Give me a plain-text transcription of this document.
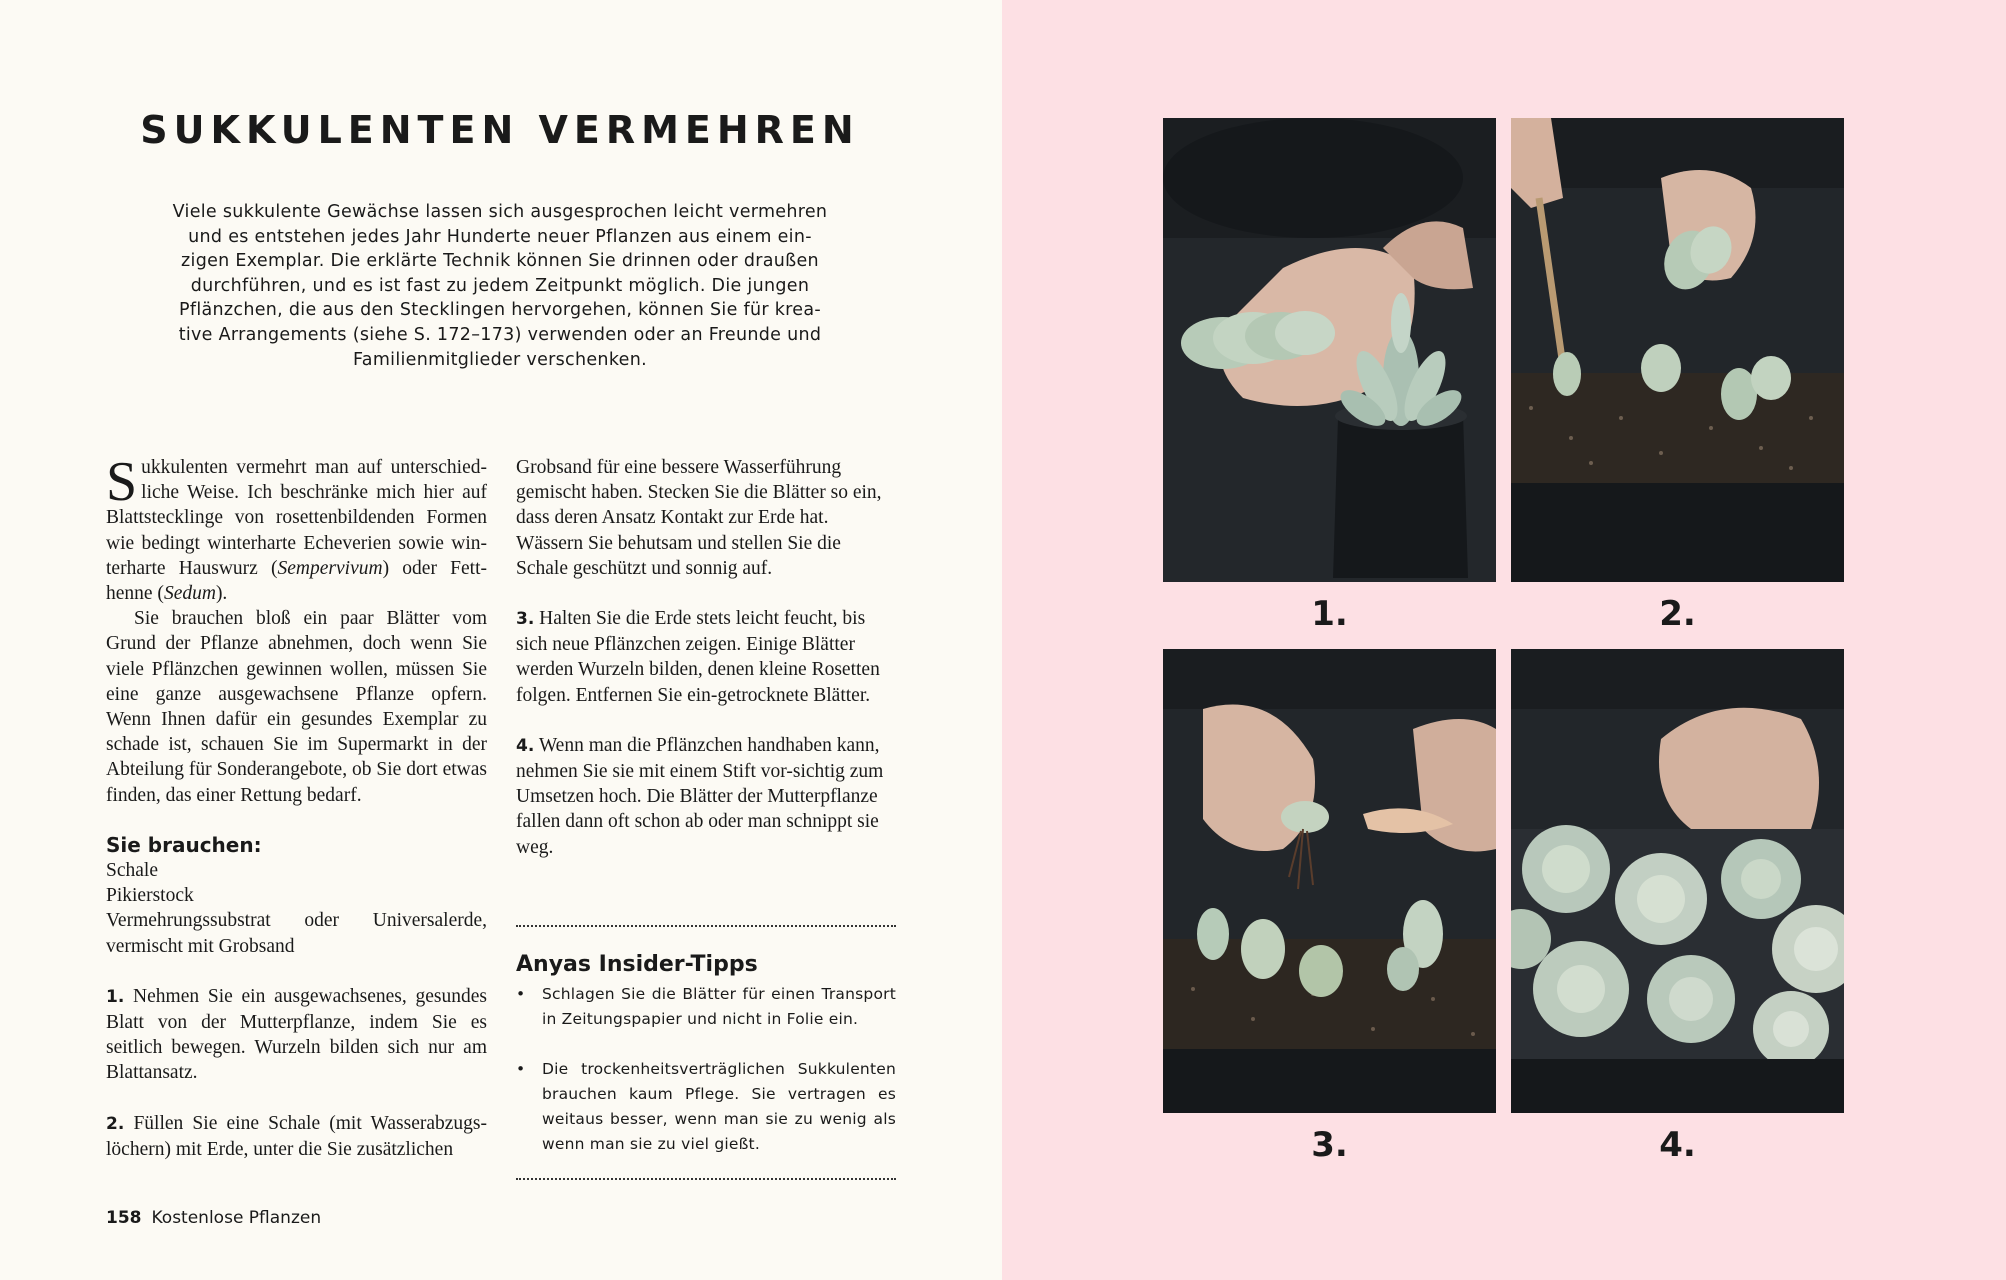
SUKKULENTEN VERMEHREN
Viele sukkulente Gewächse lassen sich ausgesprochen leicht vermehren
und es entstehen jedes Jahr Hunderte neuer Pflanzen aus einem ein-
zigen Exemplar. Die erklärte Technik können Sie drinnen oder draußen
durchführen, und es ist fast zu jedem Zeitpunkt möglich. Die jungen
Pflänzchen, die aus den Stecklingen hervorgehen, können Sie für krea-
tive Arrangements (siehe S. 172–173) verwenden oder an Freunde und
Familienmitglieder verschenken.

Sukkulenten vermehrt man auf unterschied-liche Weise. Ich beschränke mich hier auf Blattstecklinge von rosettenbildenden Formen wie bedingt winterharte Echeverien sowie win-terharte Hauswurz (Sempervivum) oder Fett-henne (Sedum).

Sie brauchen bloß ein paar Blätter vom Grund der Pflanze abnehmen, doch wenn Sie viele Pflänzchen gewinnen wollen, müssen Sie eine ganze ausgewachsene Pflanze opfern. Wenn Ihnen dafür ein gesundes Exemplar zu schade ist, schauen Sie im Supermarkt in der Abteilung für Sonderangebote, ob Sie dort etwas finden, das einer Rettung bedarf.

Sie brauchen:

Schale

Pikierstock

Vermehrungssubstrat oder Universalerde, vermischt mit Grobsand

1. Nehmen Sie ein ausgewachsenes, gesundes Blatt von der Mutterpflanze, indem Sie es seitlich bewegen. Wurzeln bilden sich nur am Blattansatz.

2. Füllen Sie eine Schale (mit Wasserabzugs-löchern) mit Erde, unter die Sie zusätzlichen

Grobsand für eine bessere Wasserführung gemischt haben. Stecken Sie die Blätter so ein, dass deren Ansatz Kontakt zur Erde hat. Wässern Sie behutsam und stellen Sie die Schale geschützt und sonnig auf.

3. Halten Sie die Erde stets leicht feucht, bis sich neue Pflänzchen zeigen. Einige Blätter werden Wurzeln bilden, denen kleine Rosetten folgen. Entfernen Sie ein-getrocknete Blätter.

4. Wenn man die Pflänzchen handhaben kann, nehmen Sie sie mit einem Stift vor-sichtig zum Umsetzen hoch. Die Blätter der Mutterpflanze fallen dann oft schon ab oder man schnippt sie weg.

Anyas Insider-Tipps
• Schlagen Sie die Blätter für einen Transport in Zeitungspapier und nicht in Folie ein.
• Die trockenheitsverträglichen Sukkulenten brauchen kaum Pflege. Sie vertragen es weitaus besser, wenn man sie zu wenig als wenn man sie zu viel gießt.
158 Kostenlose Pflanzen
1.	2.
3.	4.
